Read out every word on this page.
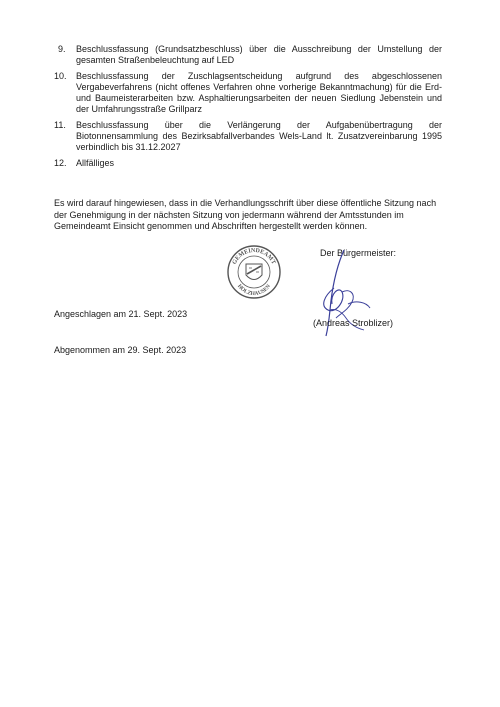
9. Beschlussfassung (Grundsatzbeschluss) über die Ausschreibung der Umstellung der gesamten Straßenbeleuchtung auf LED
10. Beschlussfassung der Zuschlagsentscheidung aufgrund des abgeschlossenen Vergabeverfahrens (nicht offenes Verfahren ohne vorherige Bekanntmachung) für die Erd- und Baumeisterarbeiten bzw. Asphaltierungsarbeiten der neuen Siedlung Jebenstein und der Umfahrungsstraße Grillparz
11. Beschlussfassung über die Verlängerung der Aufgabenübertragung der Biotonnensammlung des Bezirksabfallverbandes Wels-Land lt. Zusatzvereinbarung 1995 verbindlich bis 31.12.2027
12. Allfälliges
Es wird darauf hingewiesen, dass in die Verhandlungsschrift über diese öffentliche Sitzung nach der Genehmigung in der nächsten Sitzung von jedermann während der Amtsstunden im Gemeindeamt Einsicht genommen und Abschriften hergestellt werden können.
GEMEINDEAMT
HOLZHAUSEN
Der Bürgermeister:
(Andreas Stroblizer)
Angeschlagen am 21. Sept. 2023
Abgenommen am 29. Sept. 2023
